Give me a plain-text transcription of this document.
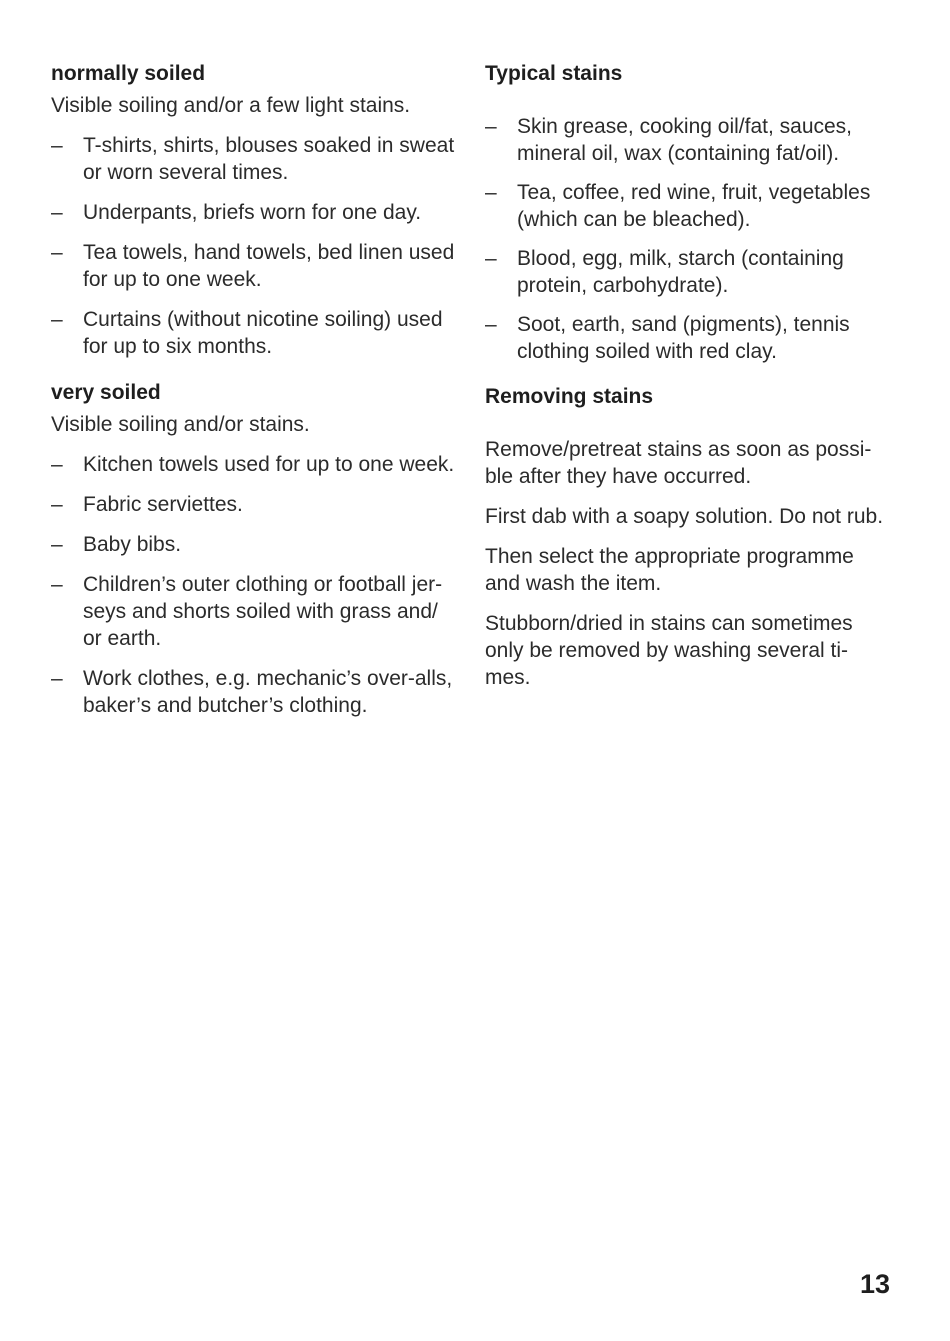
normally soiled

Visible soiling and/or a few light stains.

– T-shirts, shirts, blouses soaked in sweat or worn several times.
– Underpants, briefs worn for one day.
– Tea towels, hand towels, bed linen used for up to one week.
– Curtains (without nicotine soiling) used for up to six months.

very soiled

Visible soiling and/or stains.

– Kitchen towels used for up to one week.
– Fabric serviettes.
– Baby bibs.
– Children’s outer clothing or football jer-seys and shorts soiled with grass and/ or earth.
– Work clothes, e.g. mechanic’s over-alls, baker’s and butcher’s clothing.

Typical stains

– Skin grease, cooking oil/fat, sauces, mineral oil, wax (containing fat/oil).
– Tea, coffee, red wine, fruit, vegetables (which can be bleached).
– Blood, egg, milk, starch (containing protein, carbohydrate).
– Soot, earth, sand (pigments), tennis clothing soiled with red clay.

Removing stains

Remove/pretreat stains as soon as possi-ble after they have occurred.

First dab with a soapy solution. Do not rub.

Then select the appropriate programme and wash the item.

Stubborn/dried in stains can sometimes only be removed by washing several ti-mes.

13
